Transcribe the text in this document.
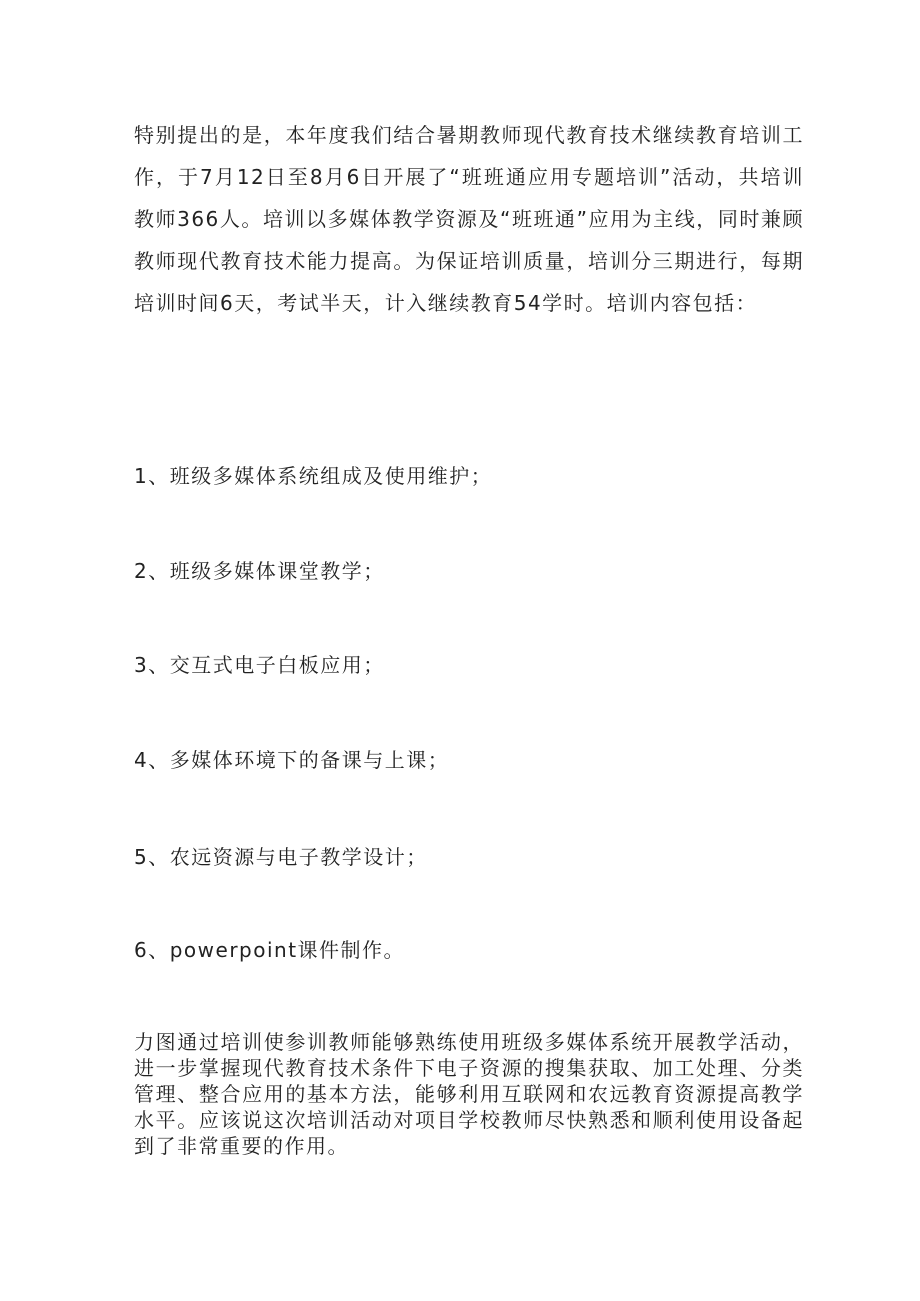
特别提出的是，本年度我们结合暑期教师现代教育技术继续教育培训工作，于7月12日至8月6日开展了“班班通应用专题培训”活动，共培训教师366人。培训以多媒体教学资源及“班班通”应用为主线，同时兼顾教师现代教育技术能力提高。为保证培训质量，培训分三期进行，每期培训时间6天，考试半天，计入继续教育54学时。培训内容包括：

1、班级多媒体系统组成及使用维护；

2、班级多媒体课堂教学；

3、交互式电子白板应用；

4、多媒体环境下的备课与上课；

5、农远资源与电子教学设计；

6、powerpoint课件制作。

力图通过培训使参训教师能够熟练使用班级多媒体系统开展教学活动，进一步掌握现代教育技术条件下电子资源的搜集获取、加工处理、分类管理、整合应用的基本方法，能够利用互联网和农远教育资源提高教学水平。应该说这次培训活动对项目学校教师尽快熟悉和顺利使用设备起到了非常重要的作用。
